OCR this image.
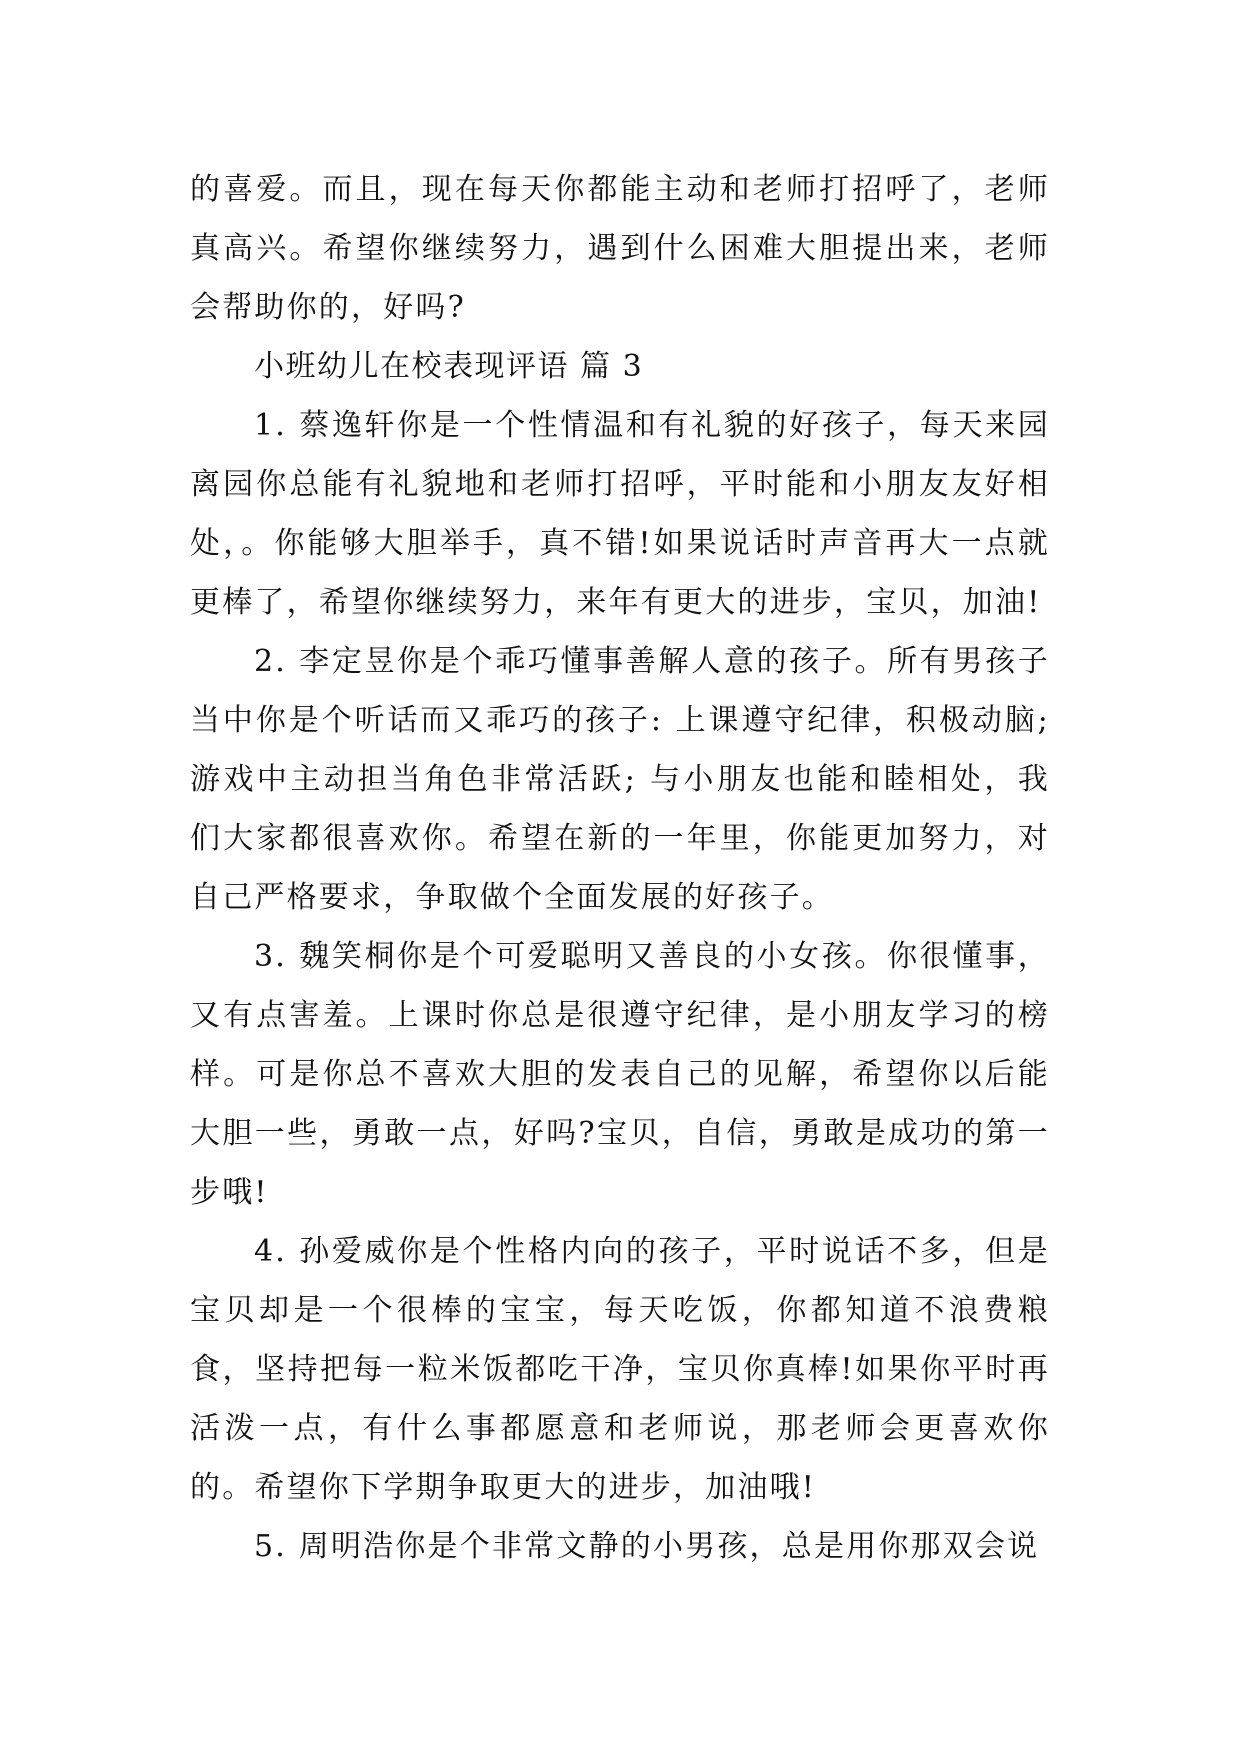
的喜爱。而且，现在每天你都能主动和老师打招呼了，老师真高兴。希望你继续努力，遇到什么困难大胆提出来，老师会帮助你的，好吗?

小班幼儿在校表现评语 篇 3

1. 蔡逸轩你是一个性情温和有礼貌的好孩子，每天来园离园你总能有礼貌地和老师打招呼，平时能和小朋友友好相处，。你能够大胆举手，真不错!如果说话时声音再大一点就更棒了，希望你继续努力，来年有更大的进步，宝贝，加油!

2. 李定昱你是个乖巧懂事善解人意的孩子。所有男孩子当中你是个听话而又乖巧的孩子: 上课遵守纪律，积极动脑; 游戏中主动担当角色非常活跃; 与小朋友也能和睦相处，我们大家都很喜欢你。希望在新的一年里，你能更加努力，对自己严格要求，争取做个全面发展的好孩子。

3. 魏笑桐你是个可爱聪明又善良的小女孩。你很懂事，又有点害羞。上课时你总是很遵守纪律，是小朋友学习的榜样。可是你总不喜欢大胆的发表自己的见解，希望你以后能大胆一些，勇敢一点，好吗?宝贝，自信，勇敢是成功的第一步哦!

4. 孙爱威你是个性格内向的孩子，平时说话不多，但是宝贝却是一个很棒的宝宝，每天吃饭，你都知道不浪费粮食，坚持把每一粒米饭都吃干净，宝贝你真棒!如果你平时再活泼一点，有什么事都愿意和老师说，那老师会更喜欢你的。希望你下学期争取更大的进步，加油哦!

5. 周明浩你是个非常文静的小男孩，总是用你那双会说
